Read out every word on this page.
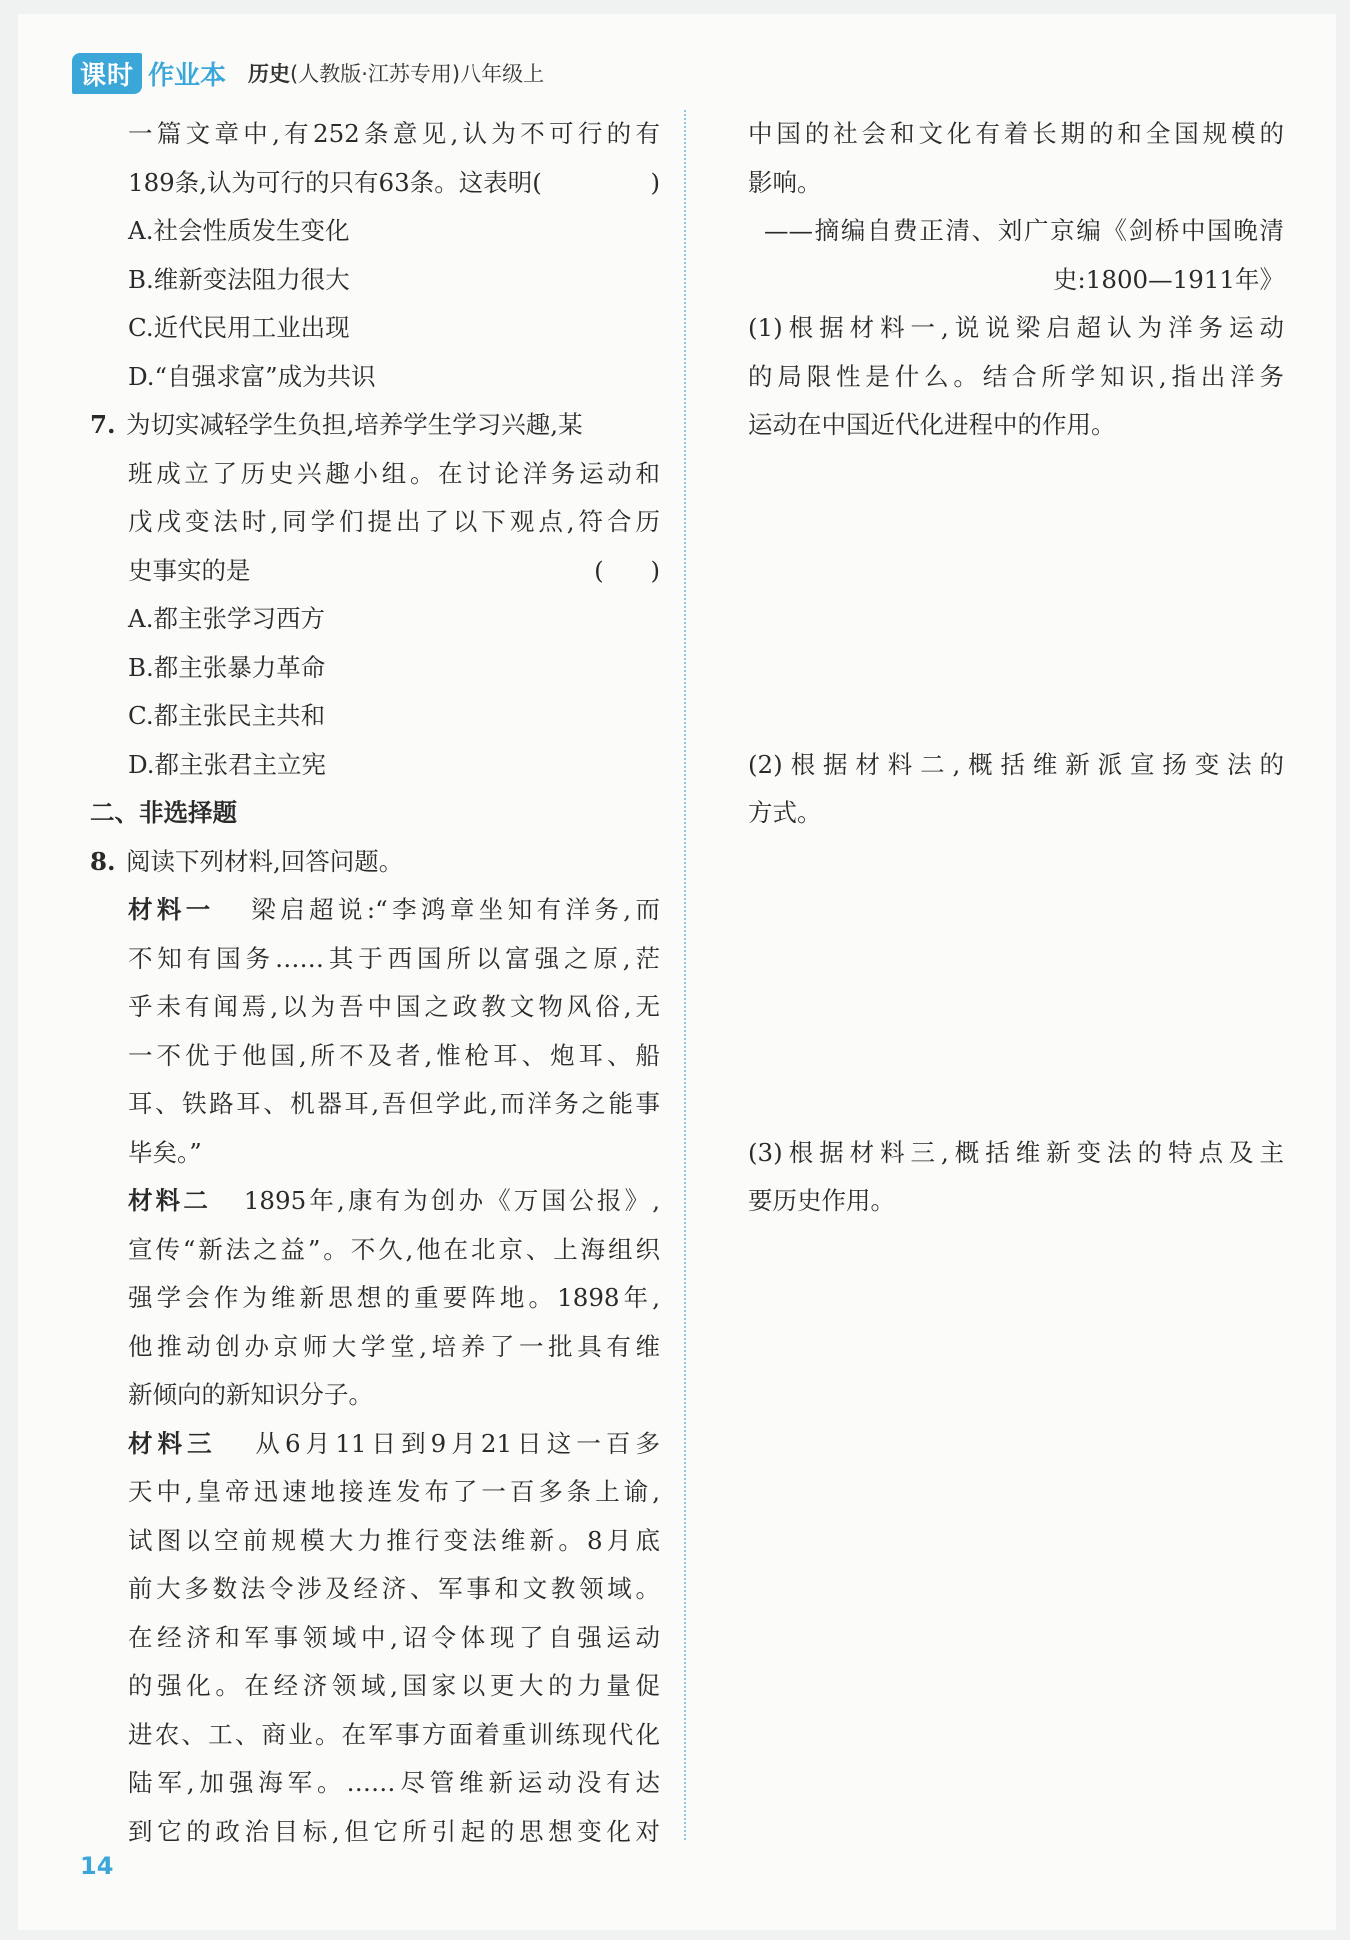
课时 作业本 历史(人教版·江苏专用)八年级上
一篇文章中,有252条意见,认为不可行的有
189条,认为可行的只有63条。这表明(	)
A.社会性质发生变化
B.维新变法阻力很大
C.近代民用工业出现
D.“自强求富”成为共识
7. 为切实减轻学生负担,培养学生学习兴趣,某
班成立了历史兴趣小组。在讨论洋务运动和
戊戌变法时,同学们提出了以下观点,符合历
史事实的是	(      )
A.都主张学习西方
B.都主张暴力革命
C.都主张民主共和
D.都主张君主立宪
二、非选择题
8. 阅读下列材料,回答问题。
材料一 梁启超说:“李鸿章坐知有洋务,而
不知有国务……其于西国所以富强之原,茫
乎未有闻焉,以为吾中国之政教文物风俗,无
一不优于他国,所不及者,惟枪耳、炮耳、船
耳、铁路耳、机器耳,吾但学此,而洋务之能事
毕矣。”
材料二 1895年,康有为创办《万国公报》,
宣传“新法之益”。不久,他在北京、上海组织
强学会作为维新思想的重要阵地。1898年,
他推动创办京师大学堂,培养了一批具有维
新倾向的新知识分子。
材料三 从6月11日到9月21日这一百多
天中,皇帝迅速地接连发布了一百多条上谕,
试图以空前规模大力推行变法维新。8月底
前大多数法令涉及经济、军事和文教领域。
在经济和军事领域中,诏令体现了自强运动
的强化。在经济领域,国家以更大的力量促
进农、工、商业。在军事方面着重训练现代化
陆军,加强海军。……尽管维新运动没有达
到它的政治目标,但它所引起的思想变化对
中国的社会和文化有着长期的和全国规模的
影响。
——摘编自费正清、刘广京编《剑桥中国晚清
史:1800—1911年》
(1)根据材料一,说说梁启超认为洋务运动
的局限性是什么。结合所学知识,指出洋务
运动在中国近代化进程中的作用。
(2)根据材料二,概括维新派宣扬变法的
方式。
(3)根据材料三,概括维新变法的特点及主
要历史作用。
14
